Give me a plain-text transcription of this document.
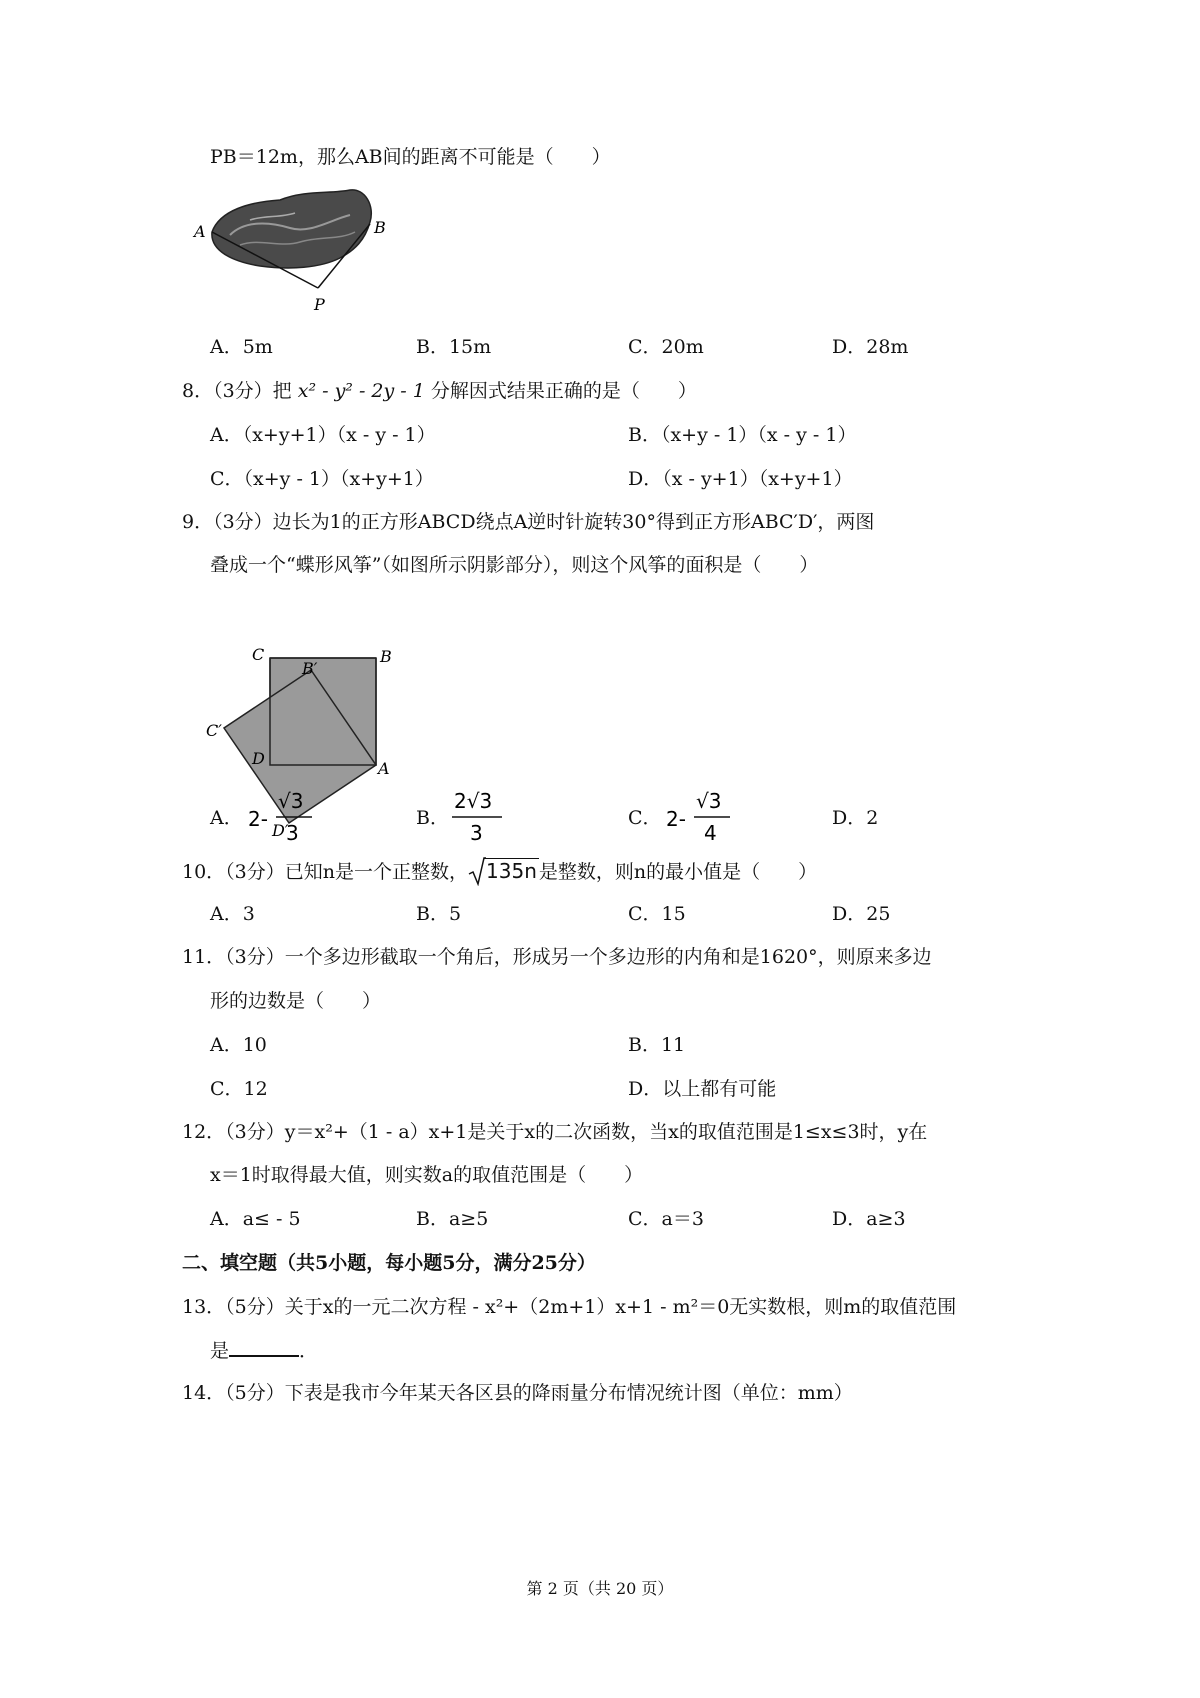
PB＝12m，那么AB间的距离不可能是（　　）
A	B
P
A．5m	B．15m	C．20m	D．28m
8．（3分）把 x² - y² - 2y - 1 分解因式结果正确的是（　　）
A．（x+y+1）（x - y - 1）	B．（x+y - 1）（x - y - 1）
C．（x+y - 1）（x+y+1）	D．（x - y+1）（x+y+1）
9．（3分）边长为1的正方形ABCD绕点A逆时针旋转30°得到正方形ABC′D′，两图
叠成一个“蝶形风筝”（如图所示阴影部分），则这个风筝的面积是（　　）
C	B
B′
C′
D
A
D′
A． 2-
√3
3
B．
2√3
3
C． 2-
√3
4
D．2
10．（3分）已知n是一个正整数， 135n 是整数，则n的最小值是（　　）
A．3	B．5	C．15	D．25
11．（3分）一个多边形截取一个角后，形成另一个多边形的内角和是1620°，则原来多边
形的边数是（　　）
A．10	B．11
C．12	D．以上都有可能
12．（3分）y＝x²+（1 - a）x+1是关于x的二次函数，当x的取值范围是1≤x≤3时，y在
x＝1时取得最大值，则实数a的取值范围是（　　）
A．a≤ - 5	B．a≥5	C．a＝3	D．a≥3
二、填空题（共5小题，每小题5分，满分25分）
13．（5分）关于x的一元二次方程 - x²+（2m+1）x+1 - m²＝0无实数根，则m的取值范围
是	．
14．（5分）下表是我市今年某天各区县的降雨量分布情况统计图（单位：mm）
第 2 页（共 20 页）
